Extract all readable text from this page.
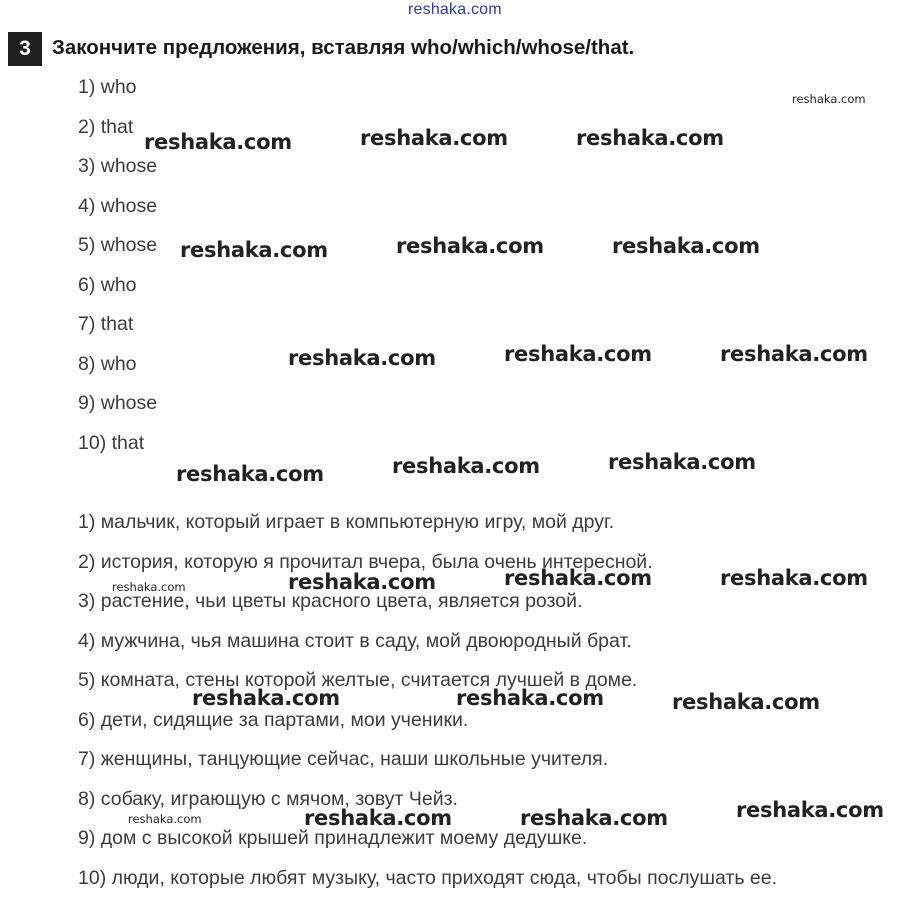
reshaka.com
3	Закончите предложения, вставляя who/which/whose/that.
1) who
2) that
3) whose
4) whose
5) whose
6) who
7) that
8) who
9) whose
10) that
1) мальчик, который играет в компьютерную игру, мой друг.
2) история, которую я прочитал вчера, была очень интересной.
3) растение, чьи цветы красного цвета, является розой.
4) мужчина, чья машина стоит в саду, мой двоюродный брат.
5) комната, стены которой желтые, считается лучшей в доме.
6) дети, сидящие за партами, мои ученики.
7) женщины, танцующие сейчас, наши школьные учителя.
8) собаку, играющую с мячом, зовут Чейз.
9) дом с высокой крышей принадлежит моему дедушке.
10) люди, которые любят музыку, часто приходят сюда, чтобы послушать ее.
reshaka.com
reshaka.com	reshaka.com	reshaka.com
reshaka.com	reshaka.com	reshaka.com
reshaka.com	reshaka.com	reshaka.com
reshaka.com	reshaka.com	reshaka.com
reshaka.com	reshaka.com	reshaka.com	reshaka.com
reshaka.com	reshaka.com	reshaka.com
reshaka.com	reshaka.com	reshaka.com	reshaka.com
